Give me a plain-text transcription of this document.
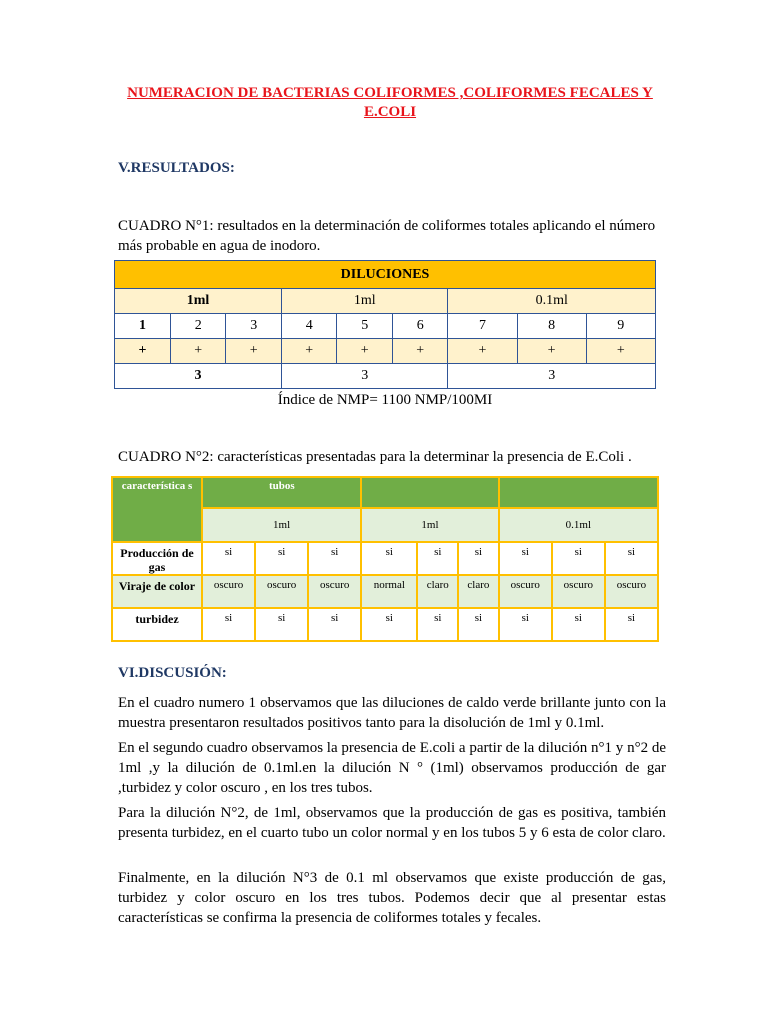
NUMERACION DE BACTERIAS COLIFORMES ,COLIFORMES FECALES Y E.COLI
V.RESULTADOS:
CUADRO N°1: resultados en la determinación de coliformes totales aplicando el número más probable en agua de inodoro.
DILUCIONES								
1ml			1ml			0.1ml		
1	2	3	4	5	6	7	8	9
+	+	+	+	+	+	+	+	+
3			3			3		
Índice de NMP= 1100 NMP/100MI
CUADRO N°2: características presentadas para la determinar la presencia de E.Coli .
característica s	tubos								
	1ml			1ml			0.1ml		
Producción de gas	si	si	si	si	si	si	si	si	si
Viraje de color	oscuro	oscuro	oscuro	normal	claro	claro	oscuro	oscuro	oscuro
turbidez	si	si	si	si	si	si	si	si	si
VI.DISCUSIÓN:
En el cuadro numero 1 observamos que las diluciones de caldo verde brillante junto con la muestra presentaron resultados positivos tanto para la disolución de 1ml y 0.1ml.
En el segundo cuadro observamos la presencia de E.coli a partir de la dilución n°1 y n°2 de 1ml ,y la dilución de 0.1ml.en la dilución N ° (1ml) observamos producción de gar ,turbidez y color oscuro , en los tres tubos.
Para la dilución N°2, de 1ml, observamos que la producción de gas es positiva, también presenta turbidez, en el cuarto tubo un color normal y en los tubos 5 y 6 esta de color claro.
Finalmente, en la dilución N°3 de 0.1 ml observamos que existe producción de gas, turbidez y color oscuro en los tres tubos. Podemos decir que al presentar estas características se confirma la presencia de coliformes totales y fecales.
